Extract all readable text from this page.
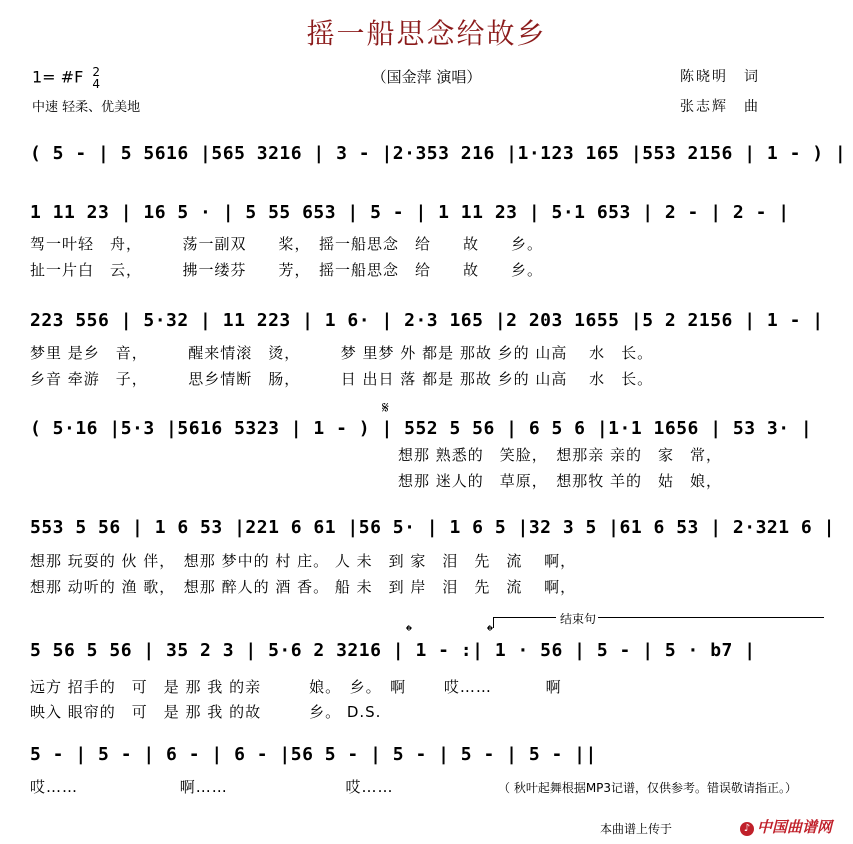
摇一船思念给故乡
（国金萍 演唱）
1= #F 2
4
中速 轻柔、优美地
陈晓明　词
张志辉　曲
( 5 - | 5 5616 |565 3216 | 3 - |2·353 216 |1·123 165 |553 2156 | 1 - ) |
1 11 23 | 16 5 · | 5 55 653 | 5 - | 1 11 23 | 5·1 653 | 2 - | 2 - |
驾一叶轻　舟，　　　荡一副双　　桨，　摇一船思念　给　　故　　乡。
扯一片白　云，　　　拂一缕芬　　芳，　摇一船思念　给　　故　　乡。
223 556 | 5·32 | 11 223 | 1 6· | 2·3 165 |2 203 1655 |5 2 2156 | 1 - |
梦里 是乡　音，　　　醒来情滚　烫，　　　梦 里梦 外 都是 那故 乡的 山高　 水　长。
乡音 牵游　子，　　　思乡情断　肠，　　　日 出日 落 都是 那故 乡的 山高　 水　长。
𝄋
( 5·16 |5·3 |5616 5323 | 1 - ) | 552 5 56 | 6 5 6 |1·1 1656 | 53 3· |
想那 熟悉的　笑脸，　想那亲 亲的　家　常，
想那 迷人的　草原，　想那牧 羊的　姑　娘，
553 5 56 | 1 6 53 |221 6 61 |56 5· | 1 6 5 |32 3 5 |61 6 53 | 2·321 6 |
想那 玩耍的 伙 伴，　想那 梦中的 村 庄。 人 未　到 家　泪　先　流　 啊，
想那 动听的 渔 歌，　想那 醉人的 酒 香。 船 未　到 岸　泪　先　流　 啊，
结束句
𝄌	𝄌
5 56 5 56 | 35 2 3 | 5·6 2 3216 | 1 - :| 1 · 56 | 5 - | 5 · b7 |
远方 招手的　可　是 那 我 的亲　　　娘。　乡。　啊　　 哎……　　　 啊
映入 眼帘的　可　是 那 我 的故　　　乡。 D.S.
5 - | 5 - | 6 - | 6 - |56 5 - | 5 - | 5 - | 5 - ||
哎……　　　　　　 啊……　　　　　　　 哎……	（ 秋叶起舞根据MP3记谱，仅供参考。错误敬请指正。）
本曲谱上传于	♪ 中国曲谱网
